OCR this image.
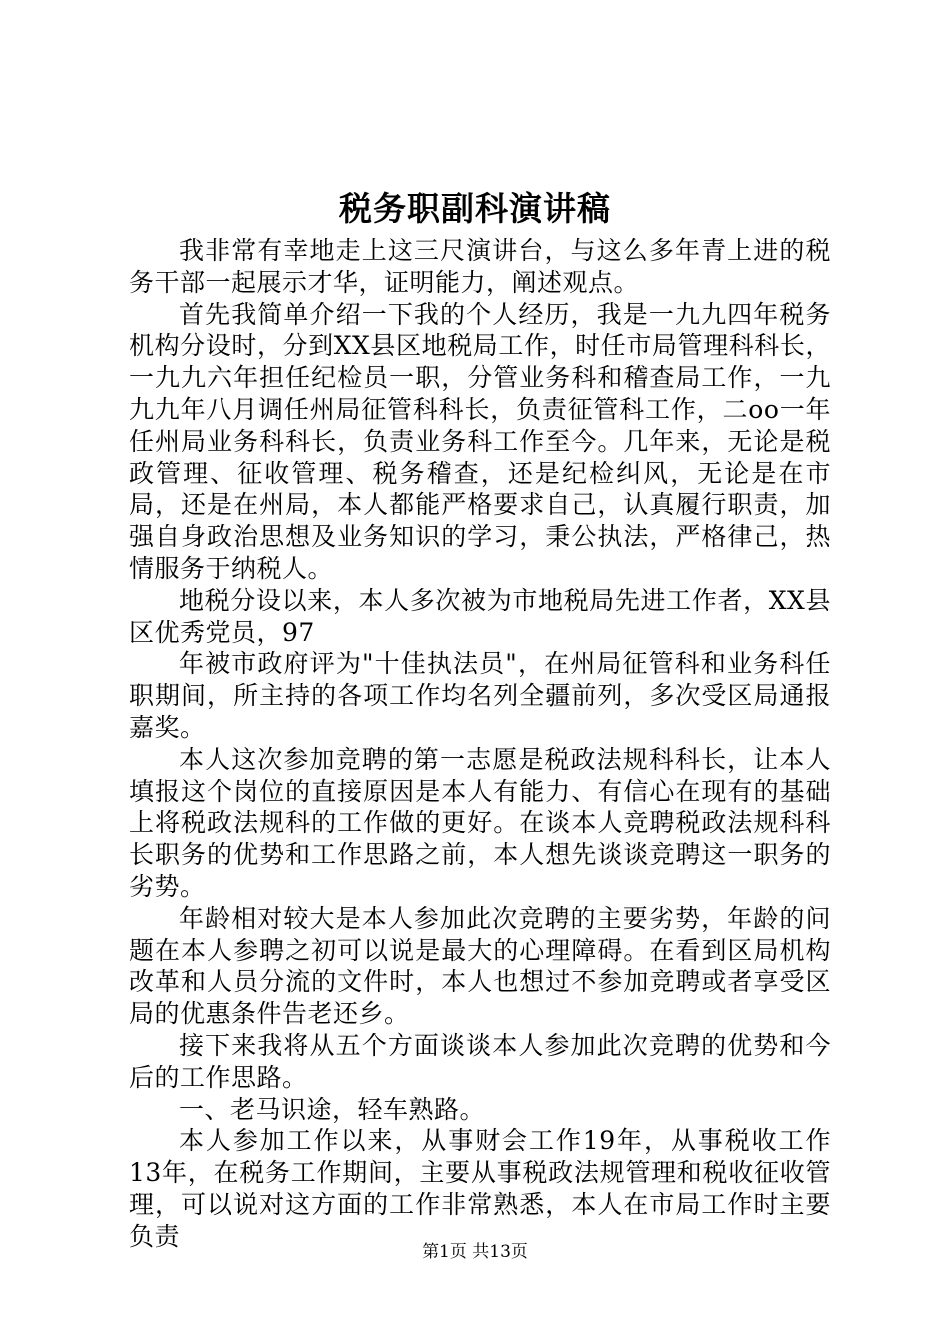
税务职副科演讲稿

我非常有幸地走上这三尺演讲台，与这么多年青上进的税务干部一起展示才华，证明能力，阐述观点。

首先我简单介绍一下我的个人经历，我是一九九四年税务机构分设时，分到XX县区地税局工作，时任市局管理科科长，一九九六年担任纪检员一职，分管业务科和稽查局工作，一九九九年八月调任州局征管科科长，负责征管科工作，二oo一年任州局业务科科长，负责业务科工作至今。几年来，无论是税政管理、征收管理、税务稽查，还是纪检纠风，无论是在市局，还是在州局，本人都能严格要求自己，认真履行职责，加强自身政治思想及业务知识的学习，秉公执法，严格律己，热情服务于纳税人。

地税分设以来，本人多次被为市地税局先进工作者，XX县区优秀党员，97

年被市政府评为"十佳执法员"，在州局征管科和业务科任职期间，所主持的各项工作均名列全疆前列，多次受区局通报嘉奖。

本人这次参加竞聘的第一志愿是税政法规科科长，让本人填报这个岗位的直接原因是本人有能力、有信心在现有的基础上将税政法规科的工作做的更好。在谈本人竞聘税政法规科科长职务的优势和工作思路之前，本人想先谈谈竞聘这一职务的劣势。

年龄相对较大是本人参加此次竞聘的主要劣势，年龄的问题在本人参聘之初可以说是最大的心理障碍。在看到区局机构改革和人员分流的文件时，本人也想过不参加竞聘或者享受区局的优惠条件告老还乡。

接下来我将从五个方面谈谈本人参加此次竞聘的优势和今后的工作思路。

一、老马识途，轻车熟路。

本人参加工作以来，从事财会工作19年，从事税收工作13年，在税务工作期间，主要从事税政法规管理和税收征收管理，可以说对这方面的工作非常熟悉，本人在市局工作时主要负责

第1页 共13页
